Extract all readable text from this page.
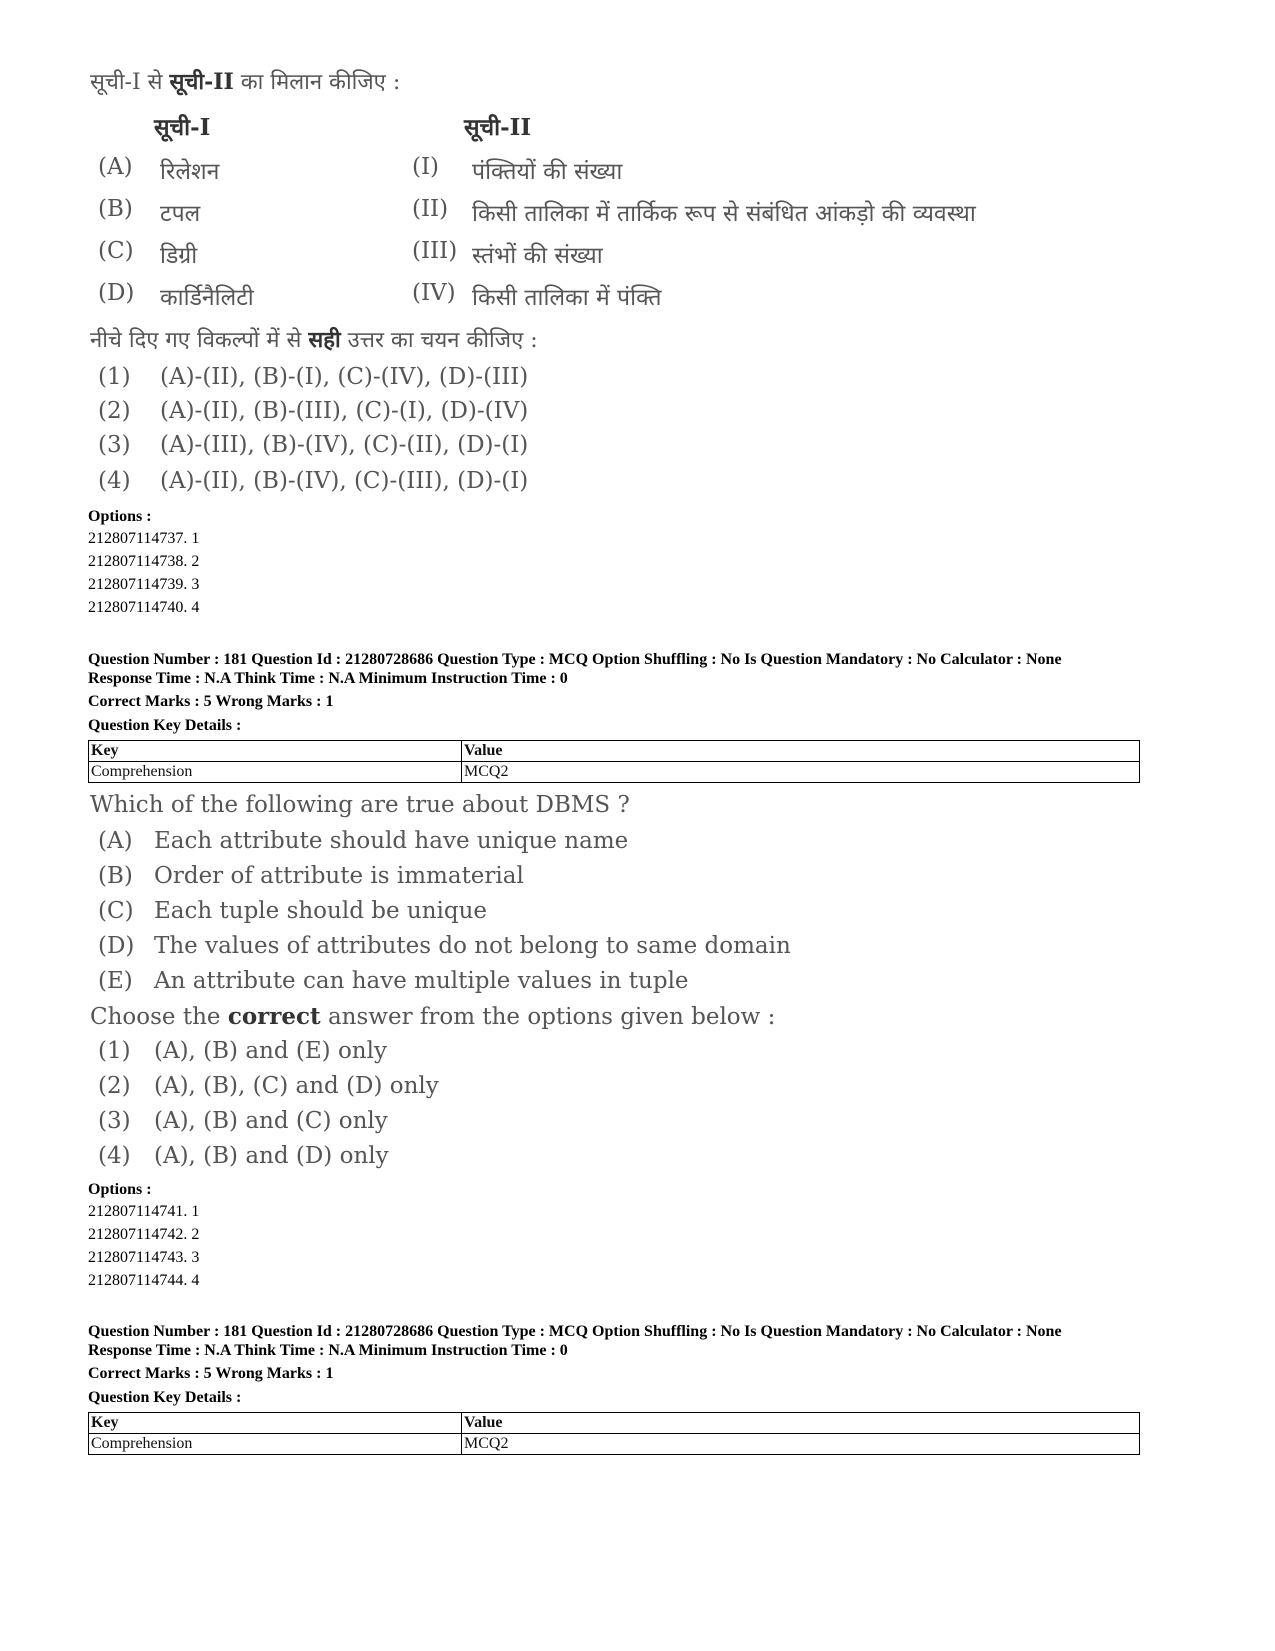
सूची-I से सूची-II का मिलान कीजिए :
सूची-I	सूची-II
(A) रिलेशन	(I) पंक्तियों की संख्या
(B) टपल	(II) किसी तालिका में तार्किक रूप से संबंधित आंकड़ो की व्यवस्था
(C) डिग्री	(III) स्तंभों की संख्या
(D) कार्डिनैलिटी	(IV) किसी तालिका में पंक्ति
नीचे दिए गए विकल्पों में से सही उत्तर का चयन कीजिए :
(1) (A)-(II), (B)-(I), (C)-(IV), (D)-(III)
(2) (A)-(II), (B)-(III), (C)-(I), (D)-(IV)
(3) (A)-(III), (B)-(IV), (C)-(II), (D)-(I)
(4) (A)-(II), (B)-(IV), (C)-(III), (D)-(I)
Options :
212807114737. 1
212807114738. 2
212807114739. 3
212807114740. 4
Question Number : 181 Question Id : 21280728686 Question Type : MCQ Option Shuffling : No Is Question Mandatory : No Calculator : None
Response Time : N.A Think Time : N.A Minimum Instruction Time : 0
Correct Marks : 5 Wrong Marks : 1
Question Key Details :
Key	Value
Comprehension	MCQ2
Which of the following are true about DBMS ?
(A) Each attribute should have unique name
(B) Order of attribute is immaterial
(C) Each tuple should be unique
(D) The values of attributes do not belong to same domain
(E) An attribute can have multiple values in tuple
Choose the correct answer from the options given below :
(1) (A), (B) and (E) only
(2) (A), (B), (C) and (D) only
(3) (A), (B) and (C) only
(4) (A), (B) and (D) only
Options :
212807114741. 1
212807114742. 2
212807114743. 3
212807114744. 4
Question Number : 181 Question Id : 21280728686 Question Type : MCQ Option Shuffling : No Is Question Mandatory : No Calculator : None
Response Time : N.A Think Time : N.A Minimum Instruction Time : 0
Correct Marks : 5 Wrong Marks : 1
Question Key Details :
Key	Value
Comprehension	MCQ2
